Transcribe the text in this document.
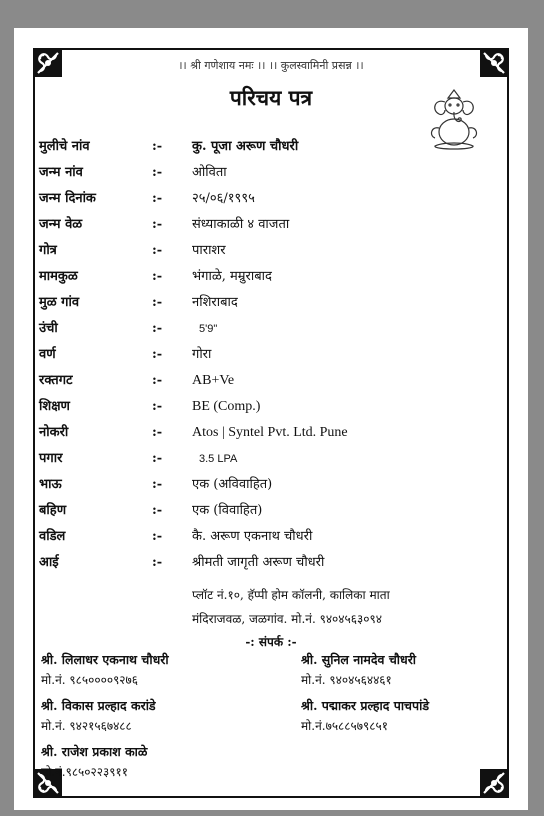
।। श्री गणेशाय नमः ।। ।। कुलस्वामिनी प्रसन्न ।।
परिचय पत्र
मुलीचे नांव	:- कु. पूजा अरूण चौधरी
जन्म नांव	:- ओविता
जन्म दिनांक	:- २५/०६/१९९५
जन्म वेळ	:- संध्याकाळी ४ वाजता
गोत्र	:- पाराशर
मामकुळ	:- भंगाळे, मम्रुराबाद
मुळ गांव	:- नशिराबाद
उंची	:-	5'9"
वर्ण	:- गोरा
रक्तगट	:- AB+Ve
शिक्षण	:- BE (Comp.)
नोकरी	:- Atos | Syntel Pvt. Ltd. Pune
पगार	:-	3.5 LPA
भाऊ	:- एक (अविवाहित)
बहिण	:- एक (विवाहित)
वडिल	:- कै. अरूण एकनाथ चौधरी
आई	:- श्रीमती जागृती अरूण चौधरी
प्लॉट नं.१०, हॅप्पी होम कॉलनी, कालिका माता
मंदिराजवळ, जळगांव. मो.नं. ९४०४५६३०९४
-: संपर्क :-
श्री. लिलाधर एकनाथ चौधरी
मो.नं. ९८५००००९२७६
श्री. सुनिल नामदेव चौधरी
मो.नं. ९४०४५६४४६१
श्री. विकास प्रल्हाद करांडे
मो.नं. ९४२१५६७४८८
श्री. पद्माकर प्रल्हाद पाचपांडे
मो.नं.७५८८५७९८५१
श्री. राजेश प्रकाश काळे
मो.नं.९८५०२२३९११
